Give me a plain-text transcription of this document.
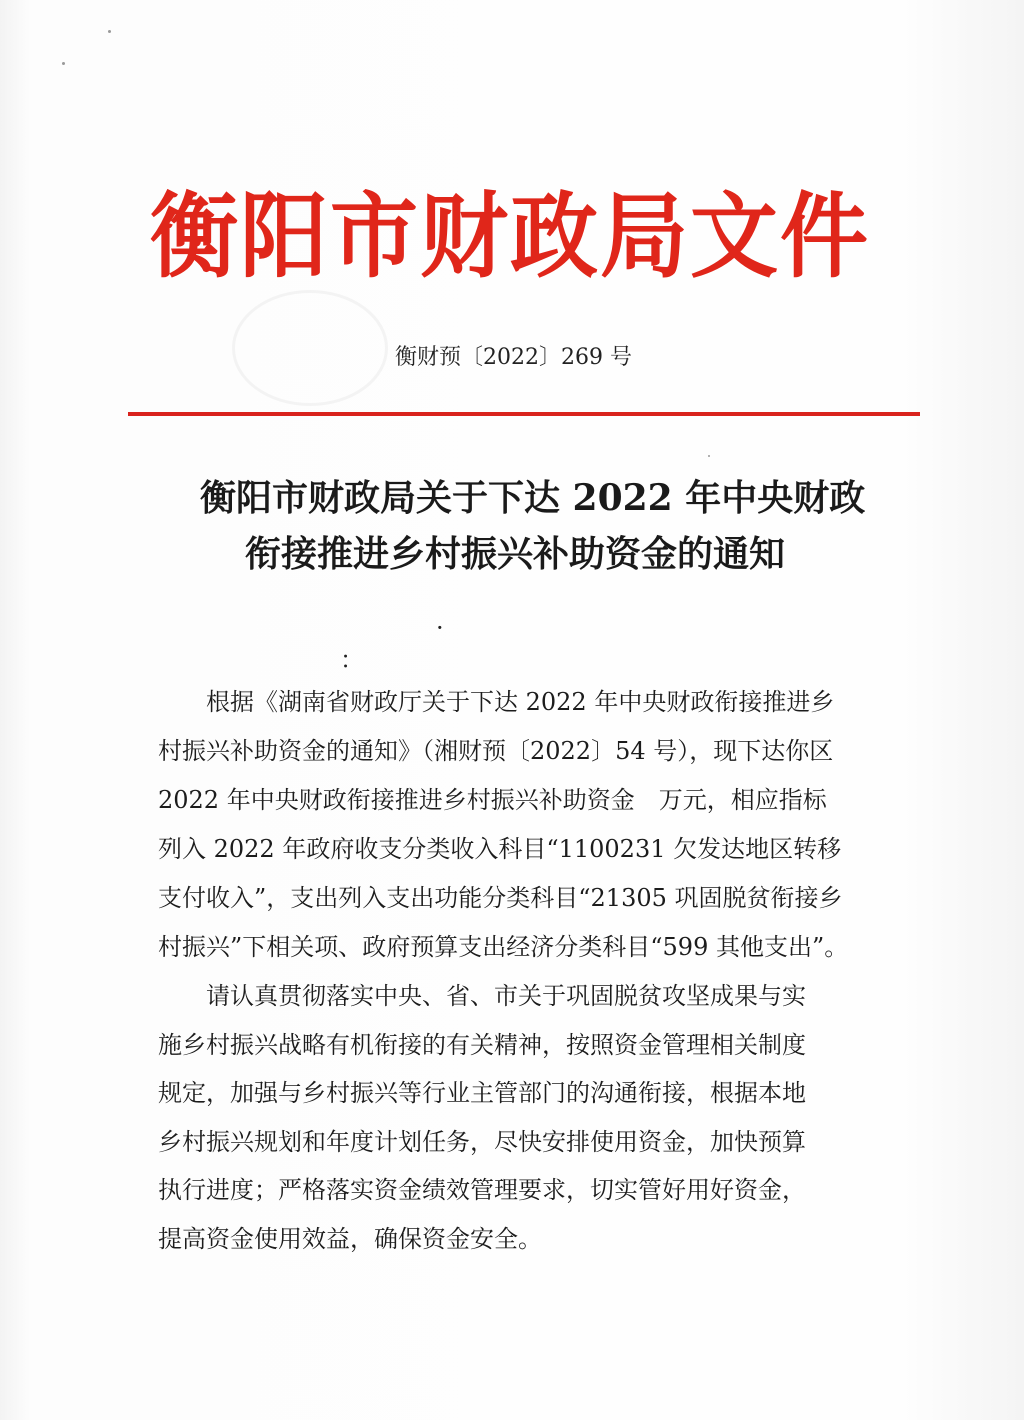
衡阳市财政局文件
衡财预〔2022〕269 号
衡阳市财政局关于下达 2022 年中央财政
衔接推进乡村振兴补助资金的通知
·
：
　　根据《湖南省财政厅关于下达 2022 年中央财政衔接推进乡
村振兴补助资金的通知》（湘财预〔2022〕54 号），现下达你区
2022 年中央财政衔接推进乡村振兴补助资金　万元，相应指标
列入 2022 年政府收支分类收入科目“1100231 欠发达地区转移
支付收入”，支出列入支出功能分类科目“21305 巩固脱贫衔接乡
村振兴”下相关项、政府预算支出经济分类科目“599 其他支出”。
　　请认真贯彻落实中央、省、市关于巩固脱贫攻坚成果与实
施乡村振兴战略有机衔接的有关精神，按照资金管理相关制度
规定，加强与乡村振兴等行业主管部门的沟通衔接，根据本地
乡村振兴规划和年度计划任务，尽快安排使用资金，加快预算
执行进度；严格落实资金绩效管理要求，切实管好用好资金，
提高资金使用效益，确保资金安全。
